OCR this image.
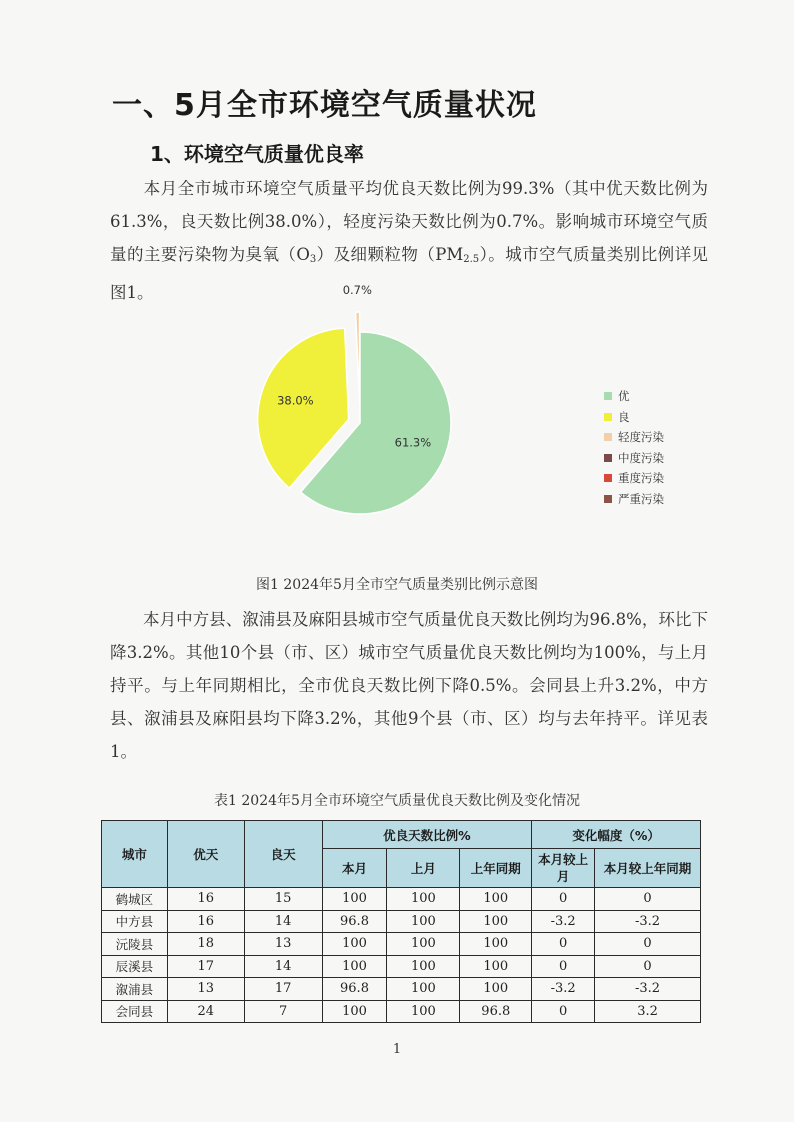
一、5月全市环境空气质量状况
1、环境空气质量优良率
本月全市城市环境空气质量平均优良天数比例为99.3%（其中优天数比例为61.3%，良天数比例38.0%），轻度污染天数比例为0.7%。影响城市环境空气质量的主要污染物为臭氧$(O_3)$及细颗粒物$(PM_{2.5})$。城市空气质量类别比例详见图1。
61.3%
38.0%
0.7%
优
良
轻度污染
中度污染
重度污染
严重污染
图1 2024年5月全市空气质量类别比例示意图
本月中方县、溆浦县及麻阳县城市空气质量优良天数比例均为96.8%，环比下降3.2%。其他10个县（市、区）城市空气质量优良天数比例均为100%，与上月持平。与上年同期相比，全市优良天数比例下降0.5%。会同县上升3.2%，中方县、溆浦县及麻阳县均下降3.2%，其他9个县（市、区）均与去年持平。详见表1。
表1 2024年5月全市环境空气质量优良天数比例及变化情况
城市	优天	良天	优良天数比例%			变化幅度（%）	
			本月	上月	上年同期	本月较上月	本月较上年同期
鹤城区	16	15	100	100	100	0	0
中方县	16	14	96.8	100	100	-3.2	-3.2
沅陵县	18	13	100	100	100	0	0
辰溪县	17	14	100	100	100	0	0
溆浦县	13	17	96.8	100	100	-3.2	-3.2
会同县	24	7	100	100	96.8	0	3.2
1
